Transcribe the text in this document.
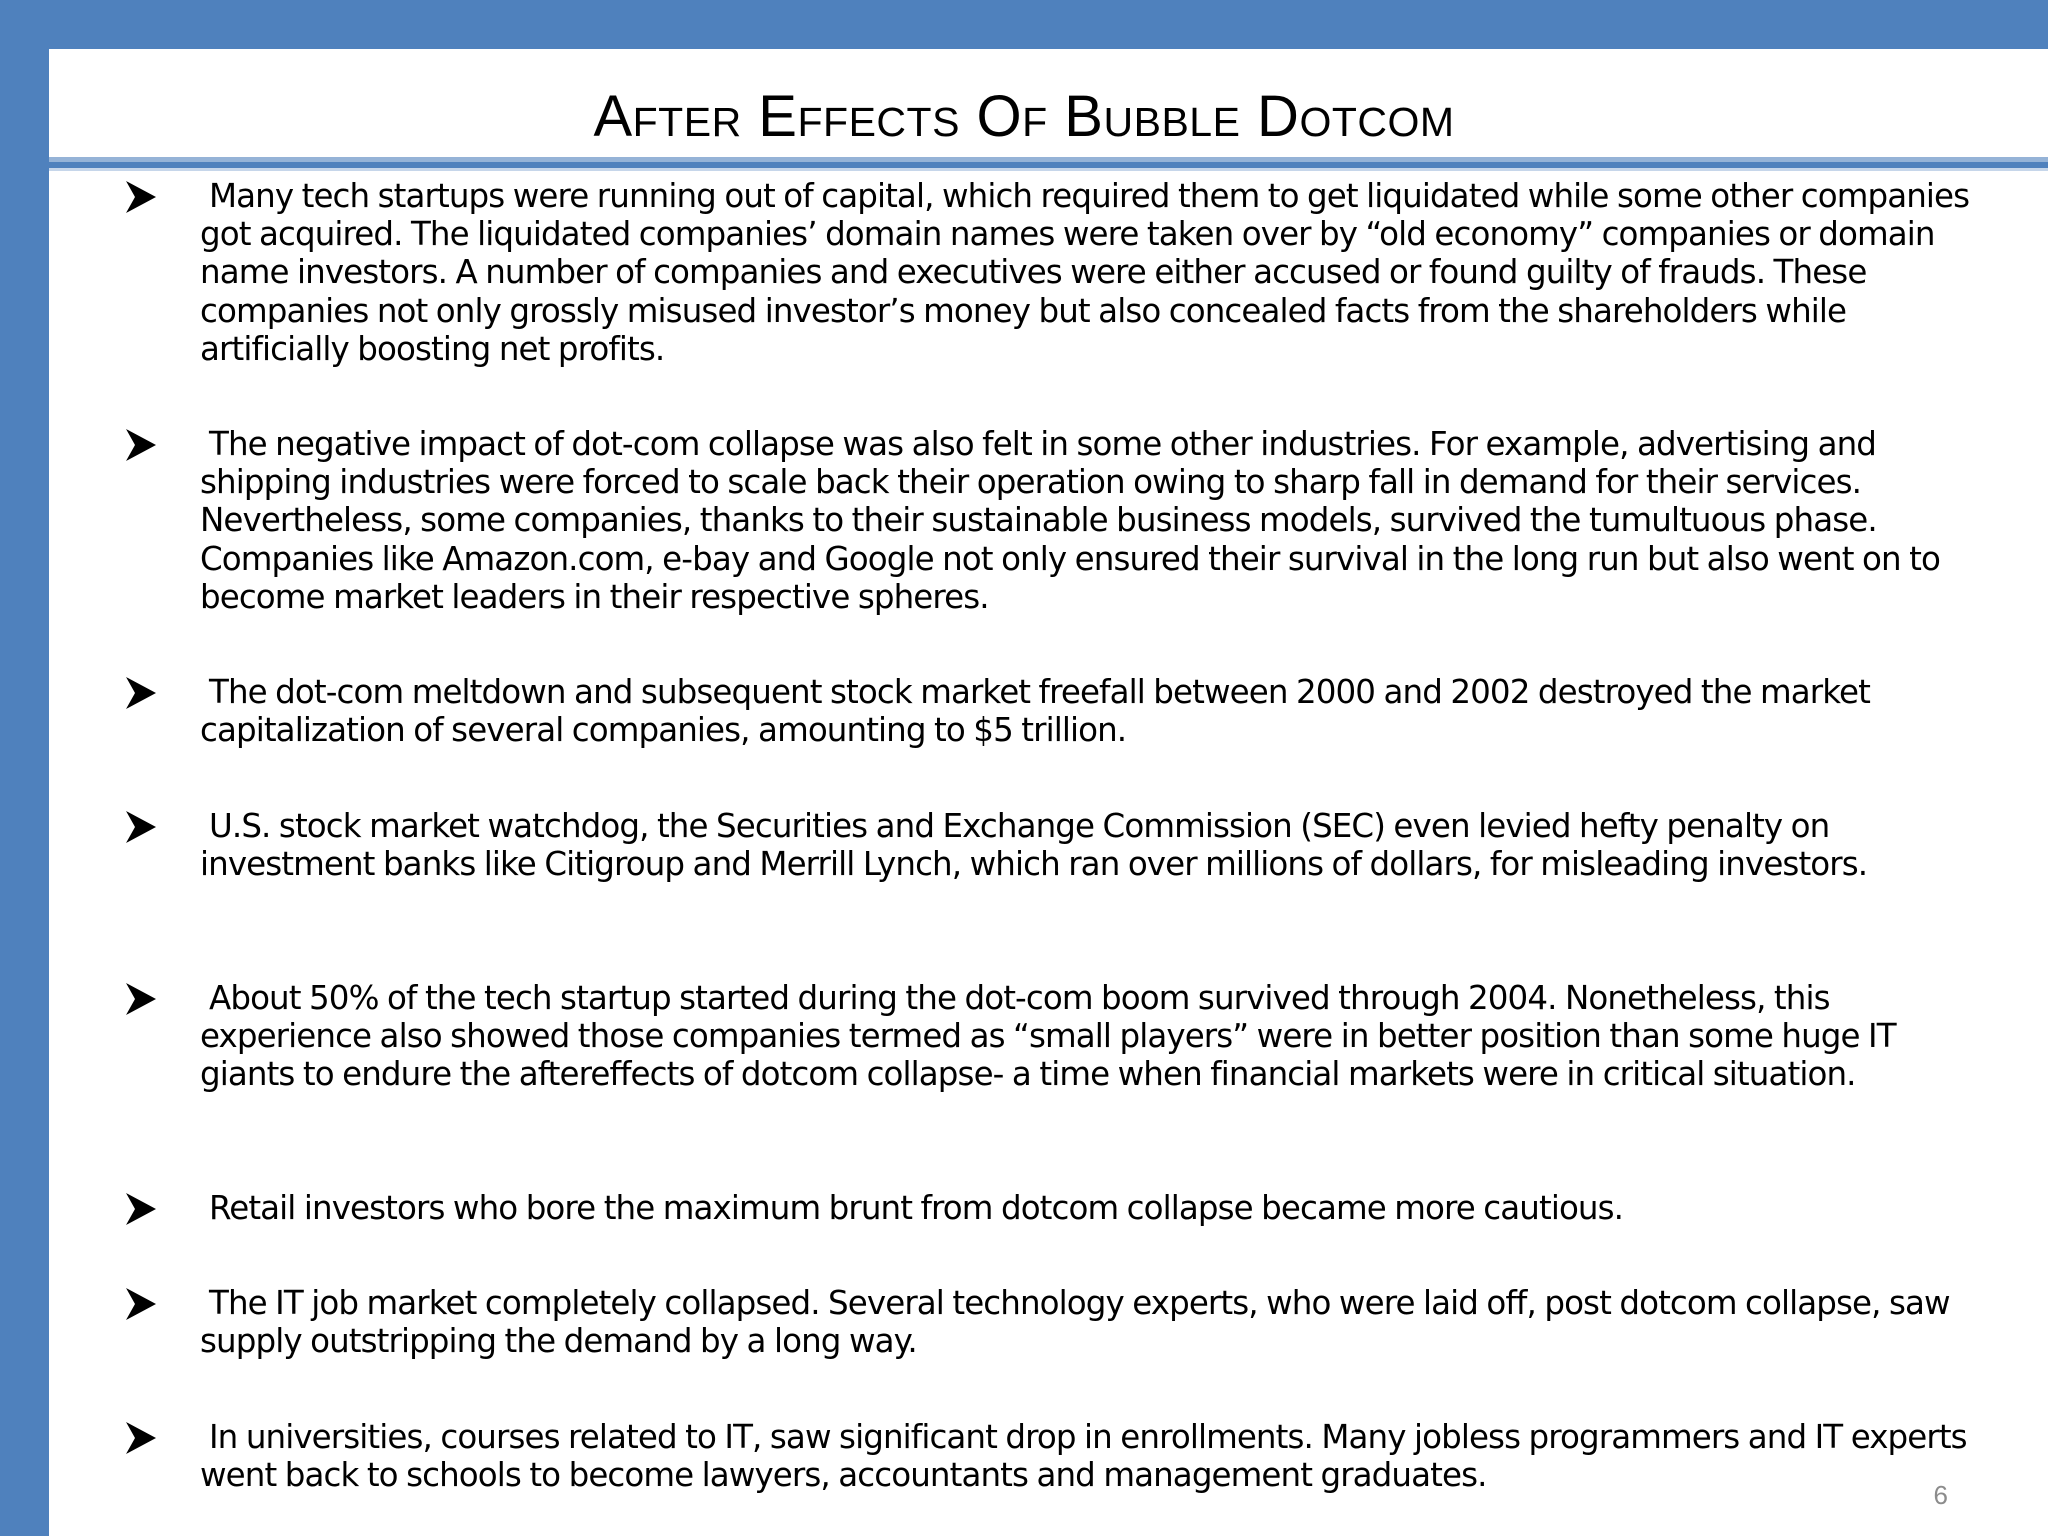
After Effects Of Bubble Dotcom
Many tech startups were running out of capital, which required them to get liquidated while some other companies got acquired. The liquidated companies’ domain names were taken over by “old economy” companies or domain name investors. A number of companies and executives were either accused or found guilty of frauds. These companies not only grossly misused investor’s money but also concealed facts from the shareholders while artificially boosting net profits.
The negative impact of dot-com collapse was also felt in some other industries. For example, advertising and shipping industries were forced to scale back their operation owing to sharp fall in demand for their services. Nevertheless, some companies, thanks to their sustainable business models, survived the tumultuous phase. Companies like Amazon.com, e-bay and Google not only ensured their survival in the long run but also went on to become market leaders in their respective spheres.
The dot-com meltdown and subsequent stock market freefall between 2000 and 2002 destroyed the market capitalization of several companies, amounting to $5 trillion.
U.S. stock market watchdog, the Securities and Exchange Commission (SEC) even levied hefty penalty on investment banks like Citigroup and Merrill Lynch, which ran over millions of dollars, for misleading investors.
About 50% of the tech startup started during the dot-com boom survived through 2004. Nonetheless, this experience also showed those companies termed as “small players” were in better position than some huge IT giants to endure the aftereffects of dotcom collapse- a time when financial markets were in critical situation.
Retail investors who bore the maximum brunt from dotcom collapse became more cautious.
The IT job market completely collapsed. Several technology experts, who were laid off, post dotcom collapse, saw supply outstripping the demand by a long way.
In universities, courses related to IT, saw significant drop in enrollments. Many jobless programmers and IT experts went back to schools to become lawyers, accountants and management graduates.
6
